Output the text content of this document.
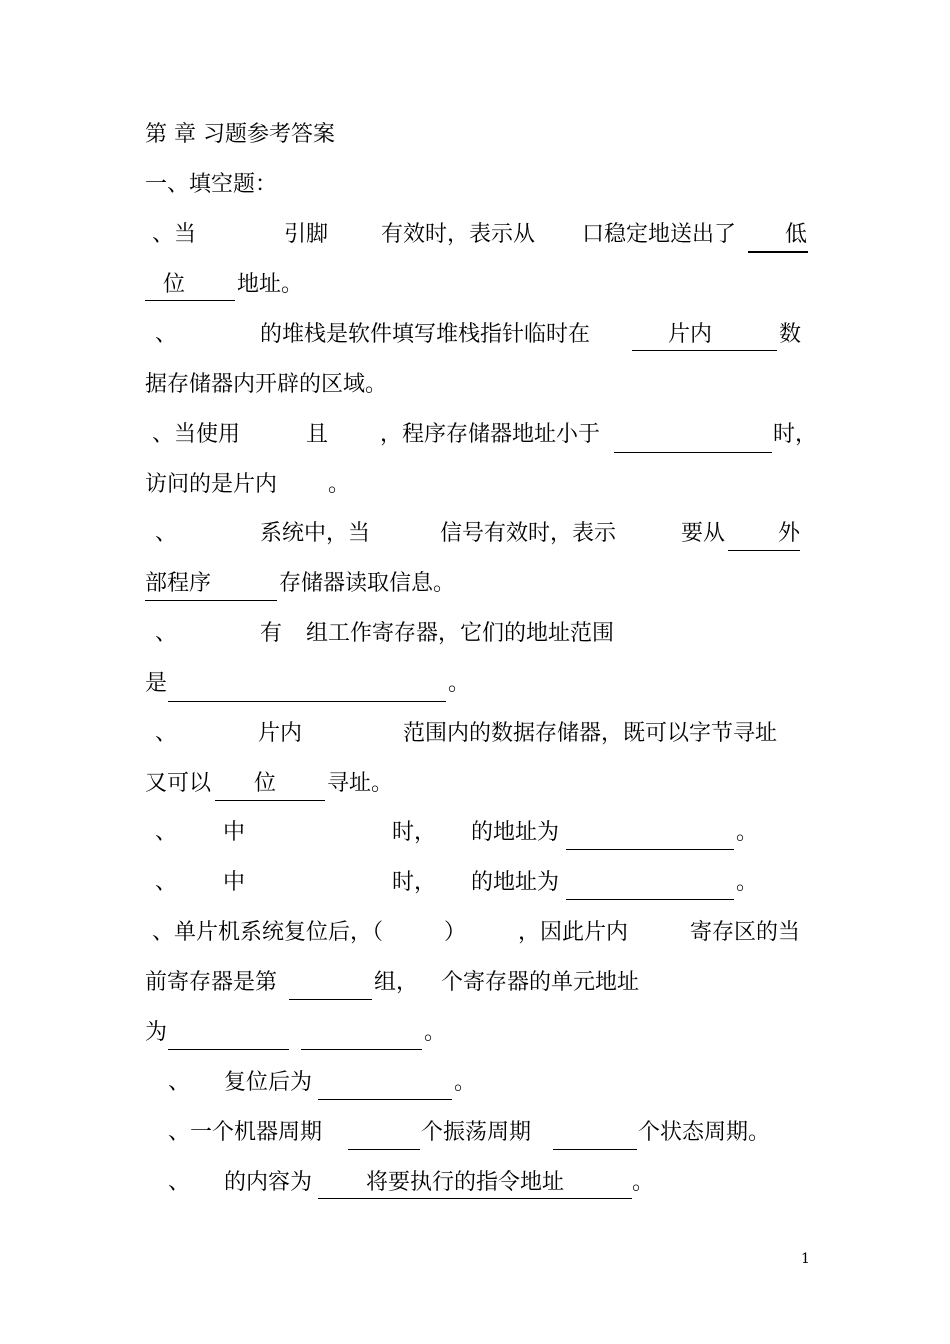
第 章 习题参考答案
一、填空题：
、当	引脚 有效时，表示从 口稳定地送出了 低
位 地址。
、	的堆栈是软件填写堆栈指针临时在	片内	数
据存储器内开辟的区域。
、当使用	且 ，程序存储器地址小于	时，
访问的是片内 。
、	系统中，当	信号有效时，表示	要从 外
部程序	存储器读取信息。
、	有 组工作寄存器，它们的地址范围
是	。
、	片内	范围内的数据存储器，既可以字节寻址
又可以 位 寻址。
、 中	时， 的地址为	。
、 中	时， 的地址为	。
、单片机系统复位后，（	） ，因此片内	寄存区的当
前寄存器是第	组， 个寄存器的单元地址
为	。
、 复位后为	。
、一个机器周期	个振荡周期	个状态周期。
、 的内容为 将要执行的指令地址	。
1
